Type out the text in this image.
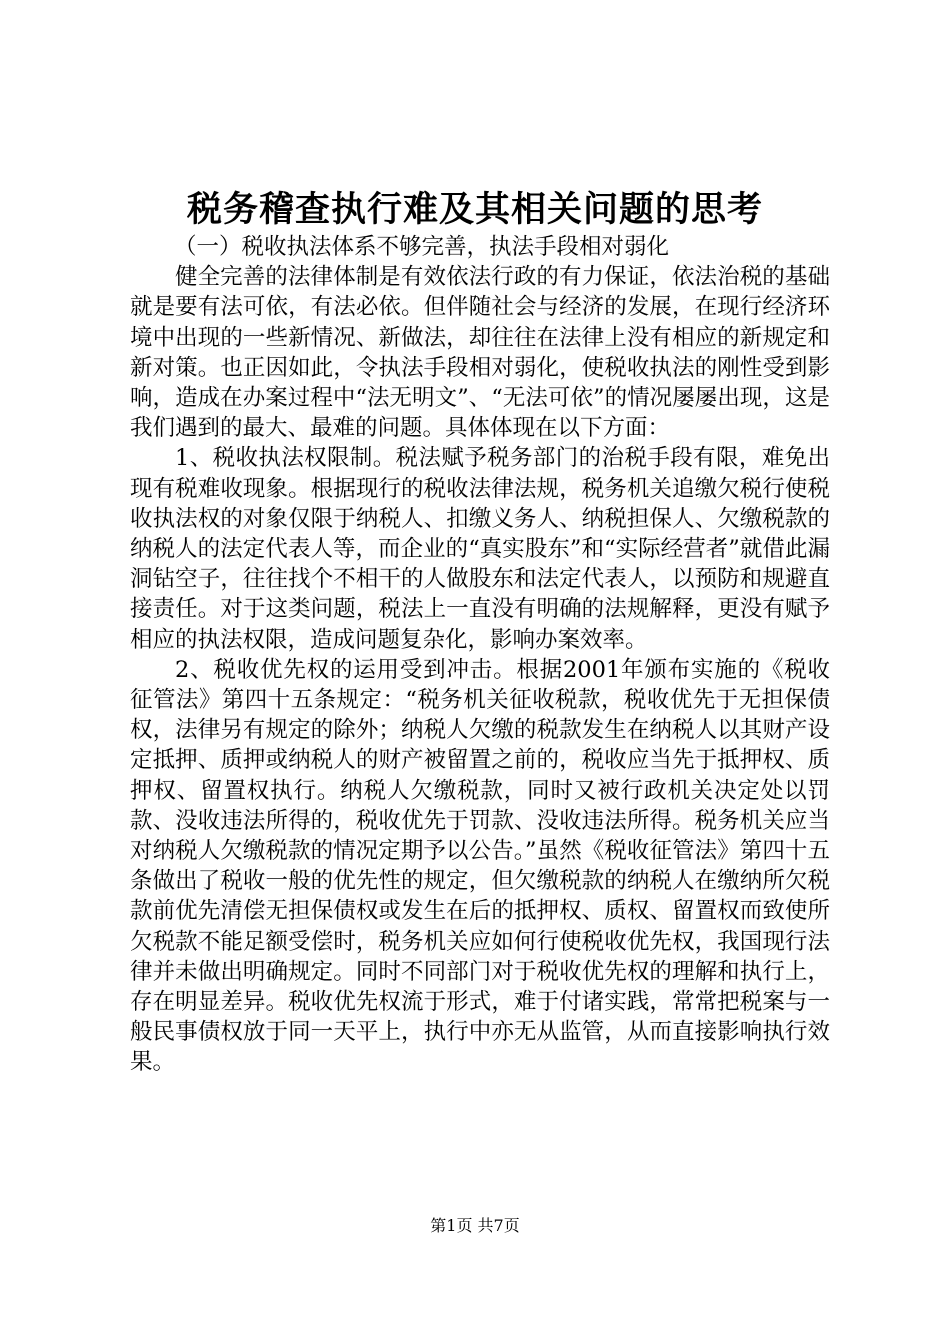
税务稽查执行难及其相关问题的思考
（一）税收执法体系不够完善，执法手段相对弱化

健全完善的法律体制是有效依法行政的有力保证，依法治税的基础就是要有法可依，有法必依。但伴随社会与经济的发展，在现行经济环境中出现的一些新情况、新做法，却往往在法律上没有相应的新规定和新对策。也正因如此，令执法手段相对弱化，使税收执法的刚性受到影响，造成在办案过程中“法无明文”、“无法可依”的情况屡屡出现，这是我们遇到的最大、最难的问题。具体体现在以下方面：

1、税收执法权限制。税法赋予税务部门的治税手段有限，难免出现有税难收现象。根据现行的税收法律法规，税务机关追缴欠税行使税收执法权的对象仅限于纳税人、扣缴义务人、纳税担保人、欠缴税款的纳税人的法定代表人等，而企业的“真实股东”和“实际经营者”就借此漏洞钻空子，往往找个不相干的人做股东和法定代表人，以预防和规避直接责任。对于这类问题，税法上一直没有明确的法规解释，更没有赋予相应的执法权限，造成问题复杂化，影响办案效率。

2、税收优先权的运用受到冲击。根据2001年颁布实施的《税收征管法》第四十五条规定：“税务机关征收税款，税收优先于无担保债权，法律另有规定的除外；纳税人欠缴的税款发生在纳税人以其财产设定抵押、质押或纳税人的财产被留置之前的，税收应当先于抵押权、质押权、留置权执行。纳税人欠缴税款，同时又被行政机关决定处以罚款、没收违法所得的，税收优先于罚款、没收违法所得。税务机关应当对纳税人欠缴税款的情况定期予以公告。”虽然《税收征管法》第四十五条做出了税收一般的优先性的规定，但欠缴税款的纳税人在缴纳所欠税款前优先清偿无担保债权或发生在后的抵押权、质权、留置权而致使所欠税款不能足额受偿时，税务机关应如何行使税收优先权，我国现行法律并未做出明确规定。同时不同部门对于税收优先权的理解和执行上，存在明显差异。税收优先权流于形式，难于付诸实践，常常把税案与一般民事债权放于同一天平上，执行中亦无从监管，从而直接影响执行效果。

第1页 共7页
